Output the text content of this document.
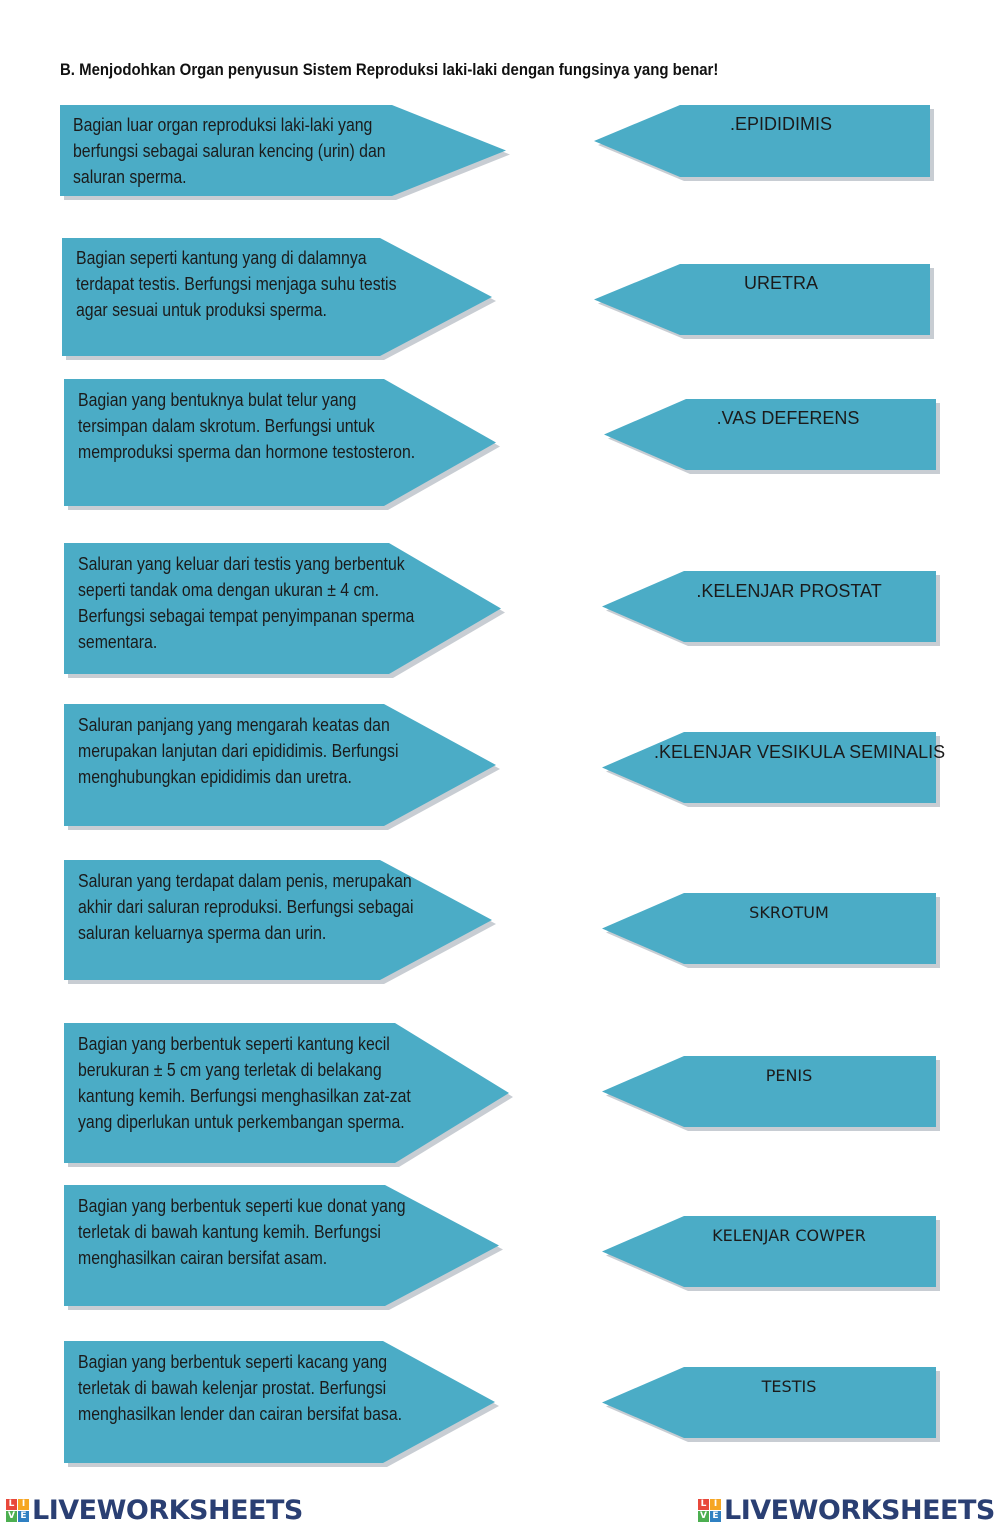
B. Menjodohkan Organ penyusun Sistem Reproduksi laki-laki dengan fungsinya yang benar!
Bagian luar organ reproduksi laki-laki yang
berfungsi sebagai saluran kencing (urin) dan
saluran sperma.
Bagian seperti kantung yang di dalamnya
terdapat testis. Berfungsi menjaga suhu testis
agar sesuai untuk produksi sperma.
Bagian yang bentuknya bulat telur yang
tersimpan dalam skrotum. Berfungsi untuk
memproduksi sperma dan hormone testosteron.
Saluran yang keluar dari testis yang berbentuk
seperti tandak oma dengan ukuran ± 4 cm.
Berfungsi sebagai tempat penyimpanan sperma
sementara.
Saluran panjang yang mengarah keatas dan
merupakan lanjutan dari epididimis. Berfungsi
menghubungkan epididimis dan uretra.
Saluran yang terdapat dalam penis, merupakan
akhir dari saluran reproduksi. Berfungsi sebagai
saluran keluarnya sperma dan urin.
Bagian yang berbentuk seperti kantung kecil
berukuran ± 5 cm yang terletak di belakang
kantung kemih. Berfungsi menghasilkan zat-zat
yang diperlukan untuk perkembangan sperma.
Bagian yang berbentuk seperti kue donat yang
terletak di bawah kantung kemih. Berfungsi
menghasilkan cairan bersifat asam.
Bagian yang berbentuk seperti kacang yang
terletak di bawah kelenjar prostat. Berfungsi
menghasilkan lender dan cairan bersifat basa.
.EPIDIDIMIS
URETRA
.VAS DEFERENS
.KELENJAR PROSTAT
.KELENJAR VESIKULA SEMINALIS
SKROTUM
PENIS
KELENJAR COWPER
TESTIS
L I
V E LIVEWORKSHEETS	L I
V E LIVEWORKSHEETS
